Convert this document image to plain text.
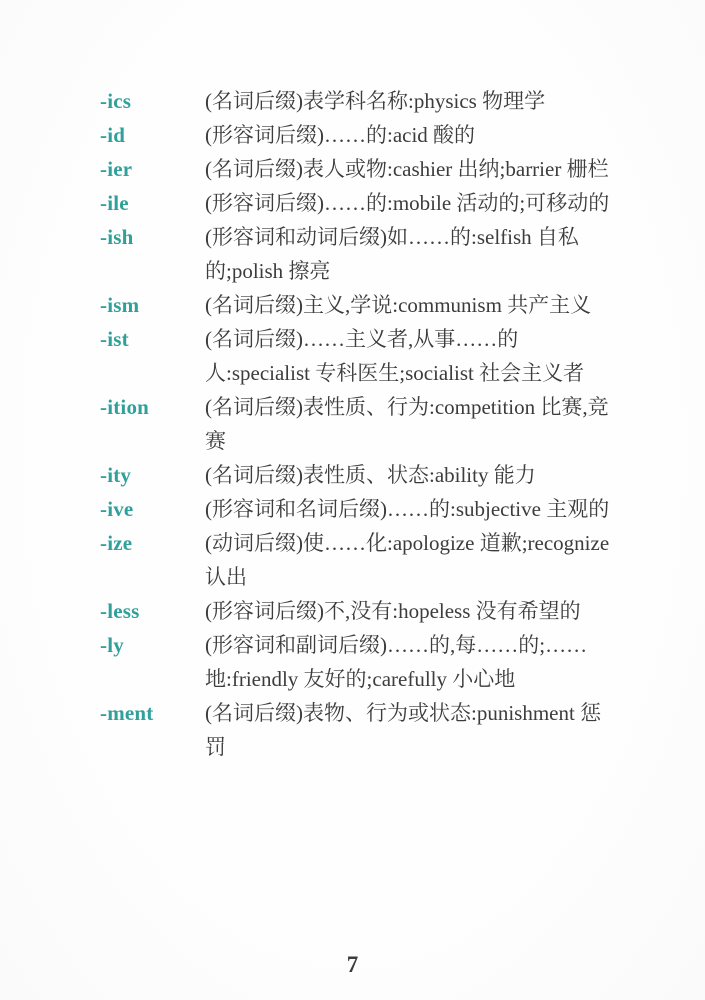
-ics	(名词后缀)表学科名称:physics 物理学
-id	(形容词后缀)……的:acid 酸的
-ier	(名词后缀)表人或物:cashier 出纳;barrier 栅栏
-ile	(形容词后缀)……的:mobile 活动的;可移动的
-ish	(形容词和动词后缀)如……的:selfish 自私的;polish 擦亮
-ism	(名词后缀)主义,学说:communism 共产主义
-ist	(名词后缀)……主义者,从事……的人:specialist 专科医生;socialist 社会主义者
-ition	(名词后缀)表性质、行为:competition 比赛,竞赛
-ity	(名词后缀)表性质、状态:ability 能力
-ive	(形容词和名词后缀)……的:subjective 主观的
-ize	(动词后缀)使……化:apologize 道歉;recognize 认出
-less	(形容词后缀)不,没有:hopeless 没有希望的
-ly	(形容词和副词后缀)……的,每……的;……地:friendly 友好的;carefully 小心地
-ment	(名词后缀)表物、行为或状态:punishment 惩罚
7
